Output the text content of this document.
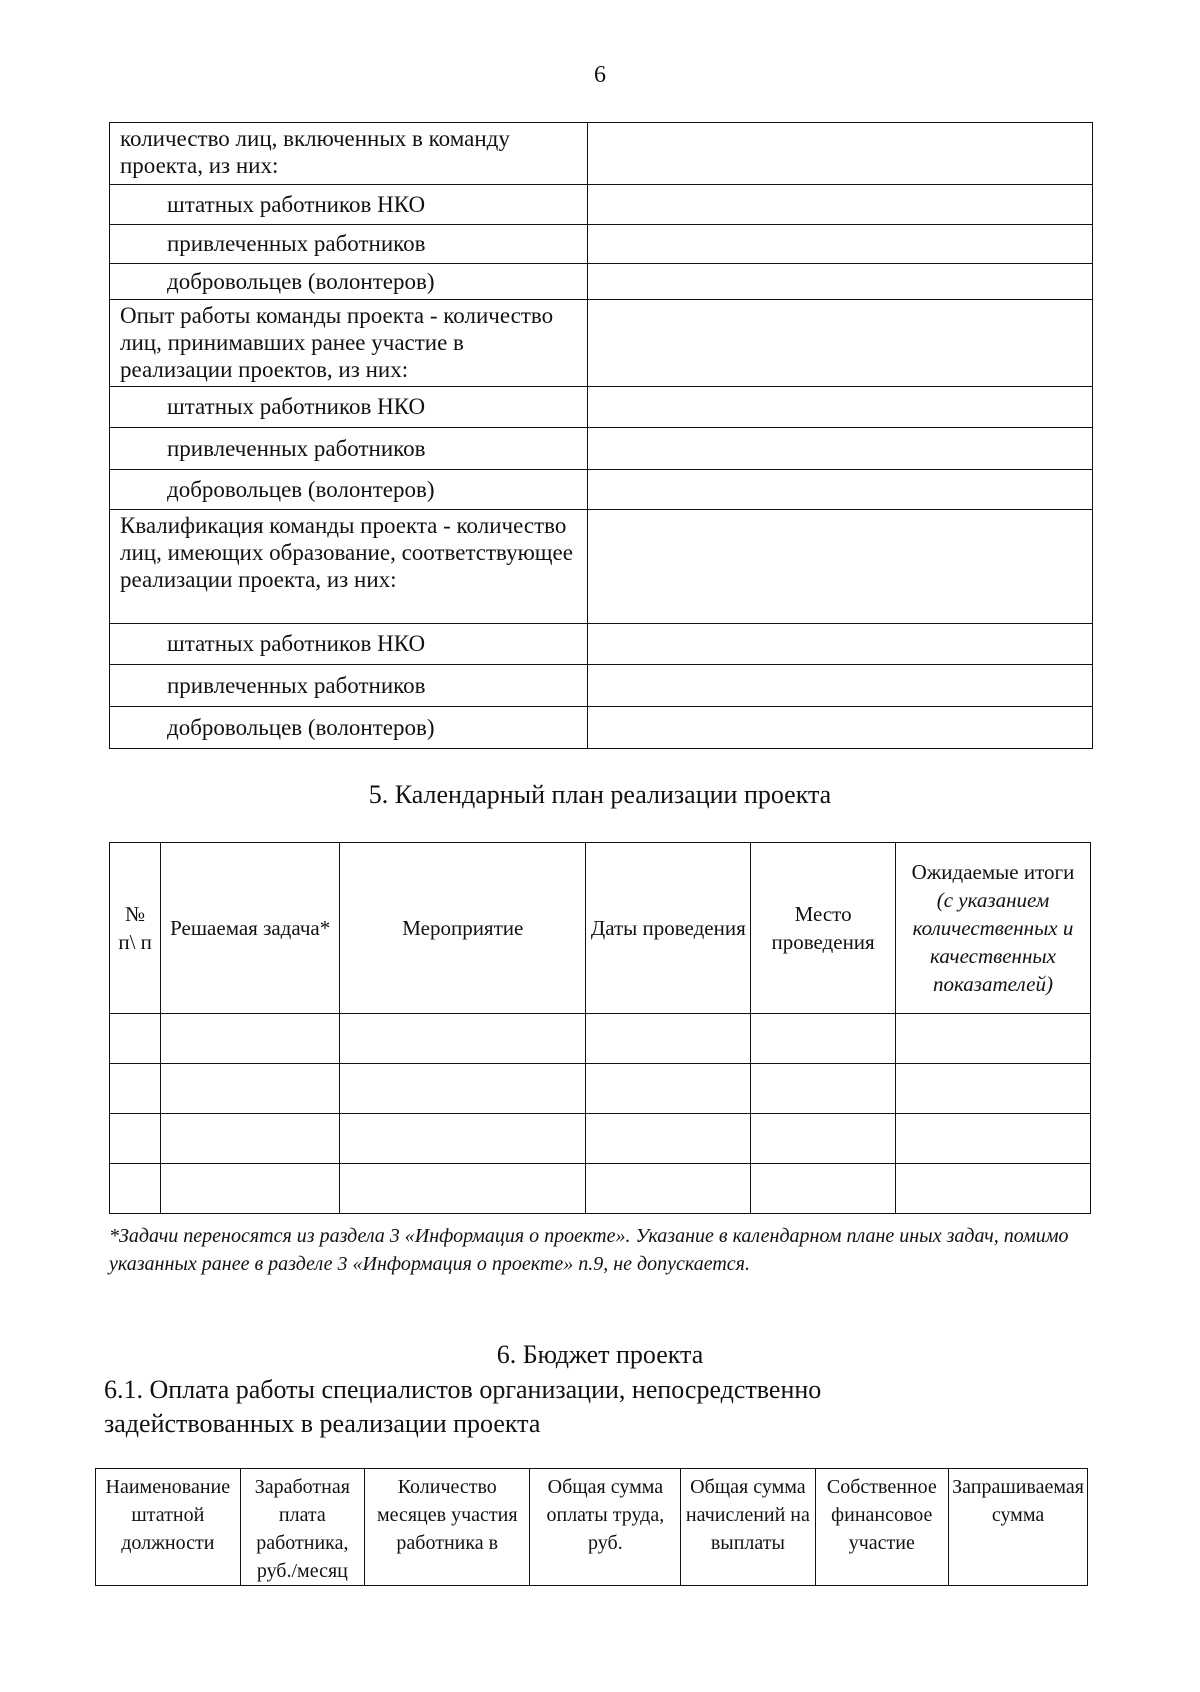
6
количество лиц, включенных в команду проекта, из них:	
штатных работников НКО	
привлеченных работников	
добровольцев (волонтеров)	
Опыт работы команды проекта - количество лиц, принимавших ранее участие в реализации проектов, из них:	
штатных работников НКО	
привлеченных работников	
добровольцев (волонтеров)	
Квалификация команды проекта - количество лиц, имеющих образование, соответствующее реализации проекта, из них:	
штатных работников НКО	
привлеченных работников	
добровольцев (волонтеров)	
5. Календарный план реализации проекта
№ п\ п	Решаемая задача*	Мероприятие	Даты проведения	Место проведения	Ожидаемые итоги
(с указанием количественных и качественных показателей)

*Задачи переносятся из раздела 3 «Информация о проекте». Указание в календарном плане иных задач, помимо указанных ранее в разделе 3 «Информация о проекте» п.9, не допускается.
6. Бюджет проекта
6.1. Оплата работы специалистов организации, непосредственно задействованных в реализации проекта
Наименование штатной должности	Заработная плата работника, руб./месяц	Количество месяцев участия работника в	Общая сумма оплаты труда, руб.	Общая сумма начислений на выплаты	Собственное финансовое участие	Запрашиваемая сумма
